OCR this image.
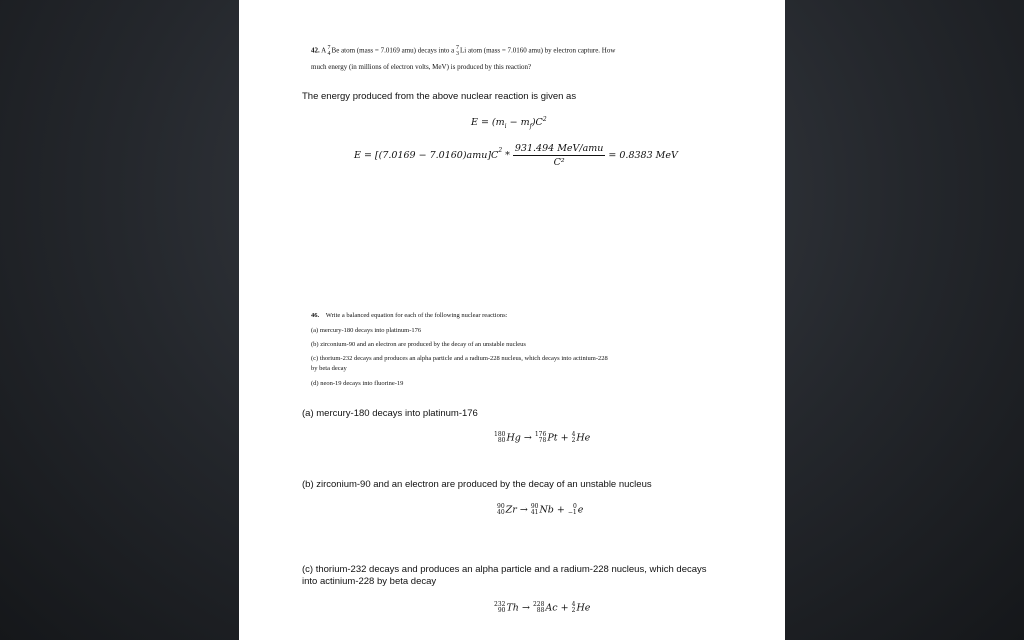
42. A 7
4 Be atom (mass = 7.0169 amu) decays into a 7
3 Li atom (mass = 7.0160 amu) by electron capture. How
much energy (in millions of electron volts, MeV) is produced by this reaction?
The energy produced from the above nuclear reaction is given as
$E = (m_i - m_f)C^2$
$E = [(7.0169 - 7.0160)amu]C^2 * \frac{\text{931.494 MeV/amu}}{\text{C²}} = 0.8383$ MeV
46. Write a balanced equation for each of the following nuclear reactions:
(a) mercury-180 decays into platinum-176
(b) zirconium-90 and an electron are produced by the decay of an unstable nucleus
(c) thorium-232 decays and produces an alpha particle and a radium-228 nucleus, which decays into actinium-228
by beta decay
(d) neon-19 decays into fluorine-19
(a) mercury-180 decays into platinum-176
180
80 Hg → 176
78 Pt + 4
2 He
(b) zirconium-90 and an electron are produced by the decay of an unstable nucleus
90
40 Zr → 90
41 Nb +	0
−1 e
(c) thorium-232 decays and produces an alpha particle and a radium-228 nucleus, which decays
into actinium-228 by beta decay
232
90 Th → 228
88 Ac + 4
2 He
